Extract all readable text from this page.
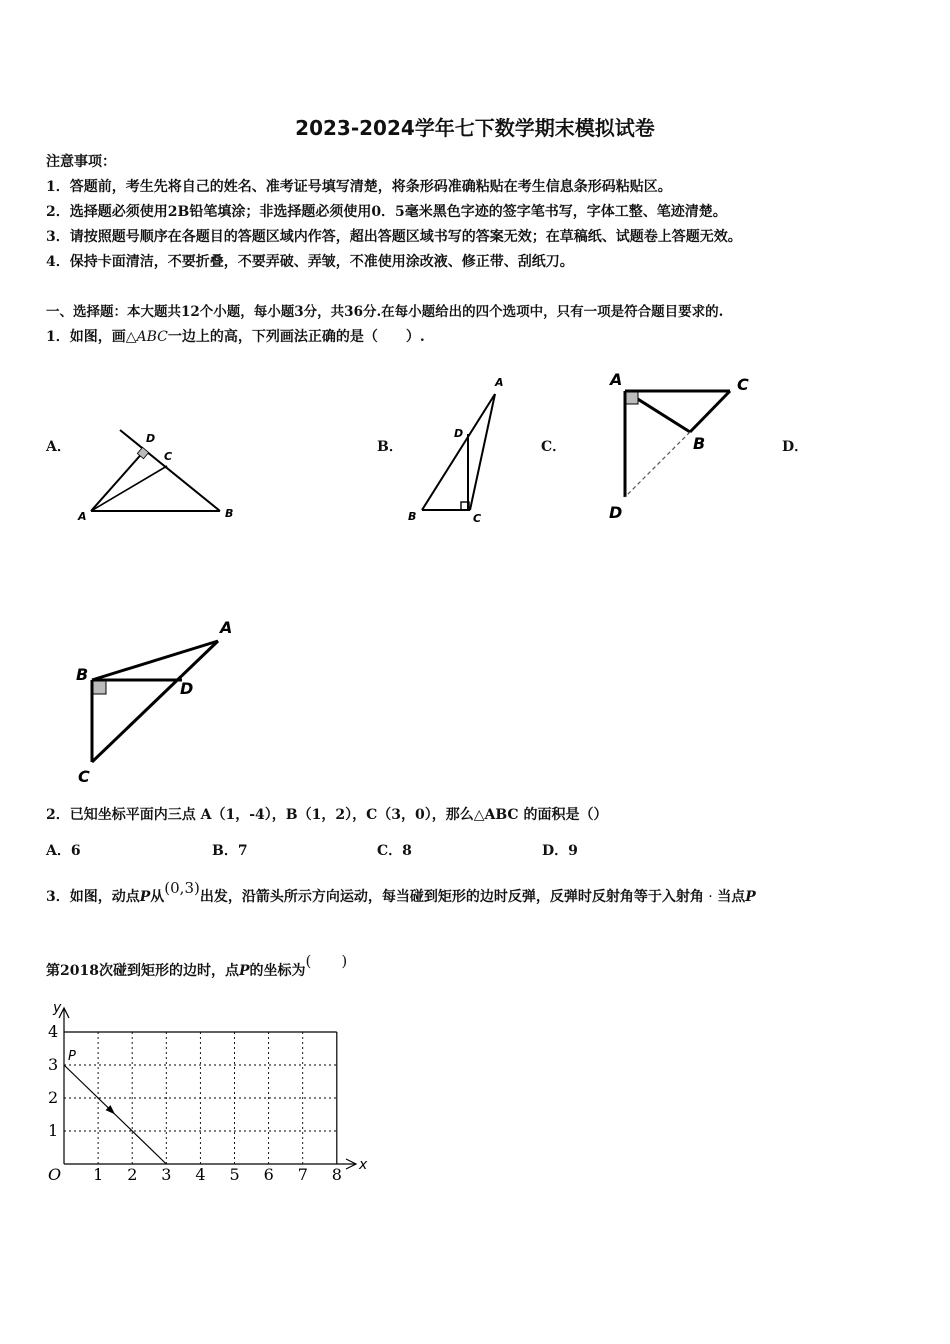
2023-2024学年七下数学期末模拟试卷
注意事项：
1．答题前，考生先将自己的姓名、准考证号填写清楚，将条形码准确粘贴在考生信息条形码粘贴区。
2．选择题必须使用2B铅笔填涂；非选择题必须使用0．5毫米黑色字迹的签字笔书写，字体工整、笔迹清楚。
3．请按照题号顺序在各题目的答题区域内作答，超出答题区域书写的答案无效；在草稿纸、试题卷上答题无效。
4．保持卡面清洁，不要折叠，不要弄破、弄皱，不准使用涂改液、修正带、刮纸刀。
一、选择题：本大题共12个小题，每小题3分，共36分.在每小题给出的四个选项中，只有一项是符合题目要求的.
1．如图，画△ABC一边上的高，下列画法正确的是（　　）.
A．	B．	C．	D．
A	B
C
D
A
B	C
D
A	C
B
D
A
B
D
C
2．已知坐标平面内三点 A（1，-4），B（1，2），C（3，0），那么△ABC 的面积是（）
A．6	B．7	C．8	D．9
3．如图，动点P从(0,3)出发，沿箭头所示方向运动，每当碰到矩形的边时反弹，反弹时反射角等于入射角 · 当点P
第2018次碰到矩形的边时，点P的坐标为(　　)
x
y
O 1 2 3 4 5 6 7 8
1
2
3
4
P
